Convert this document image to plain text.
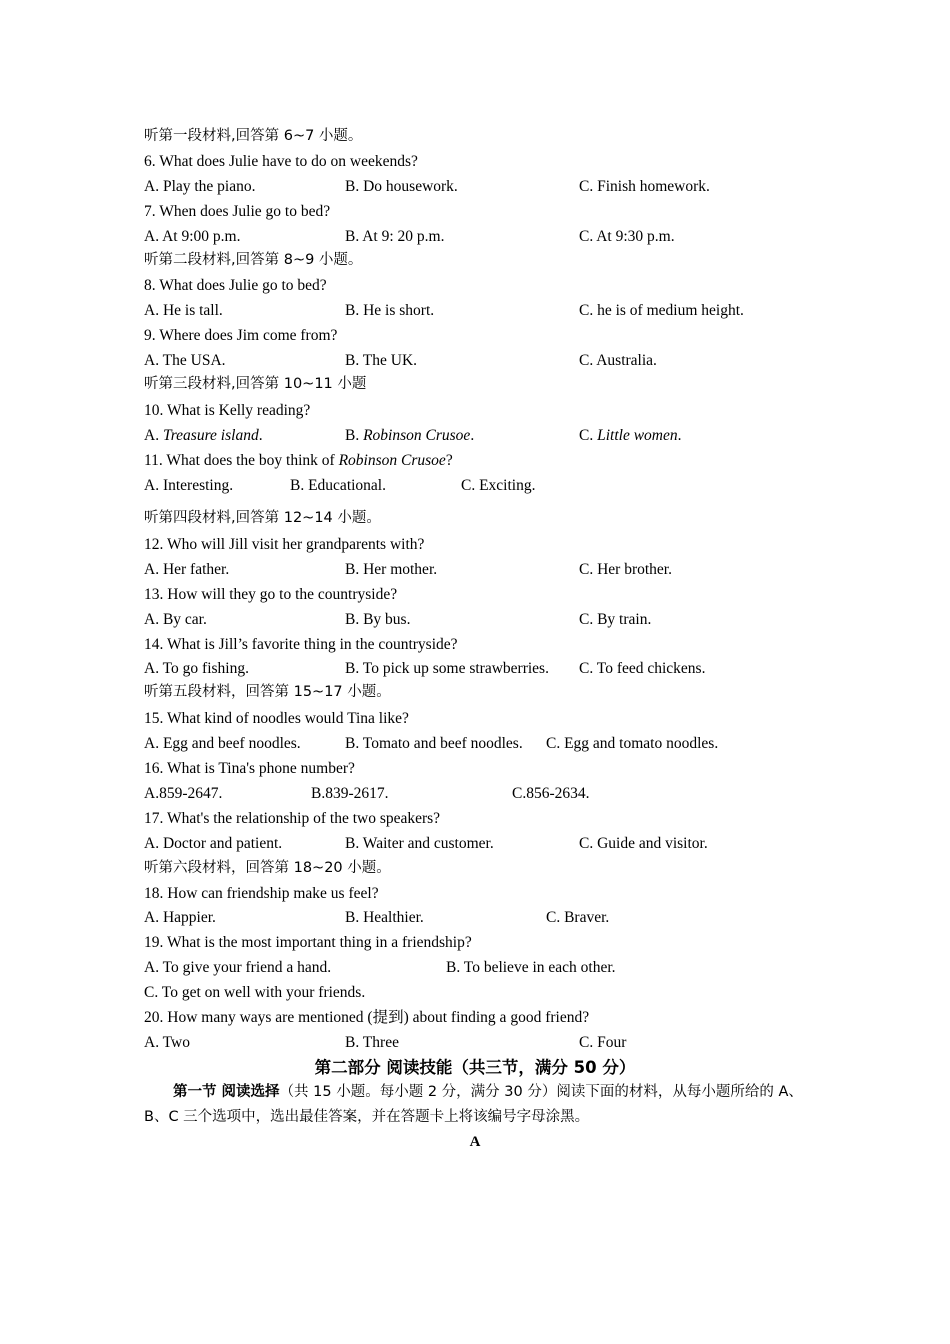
听第一段材料,回答第 6~7 小题。
6. What does Julie have to do on weekends?
A. Play the piano.	B. Do housework.	C. Finish homework.
7. When does Julie go to bed?
A. At 9:00 p.m.	B. At 9: 20 p.m.	C. At 9:30 p.m.
听第二段材料,回答第 8~9 小题。
8. What does Julie go to bed?
A. He is tall.	B. He is short.	C. he is of medium height.
9. Where does Jim come from?
A. The USA.	B. The UK.	C. Australia.
听第三段材料,回答第 10~11 小题
10. What is Kelly reading?
A. Treasure island.	B. Robinson Crusoe.	C. Little women.
11. What does the boy think of Robinson Crusoe?
A. Interesting.	B. Educational.	C. Exciting.
听第四段材料,回答第 12~14 小题。
12. Who will Jill visit her grandparents with?
A. Her father.	B. Her mother.	C. Her brother.
13. How will they go to the countryside?
A. By car.	B. By bus.	C. By train.
14. What is Jill’s favorite thing in the countryside?
A. To go fishing.	B. To pick up some strawberries. C. To feed chickens.
听第五段材料，回答第 15~17 小题。
15. What kind of noodles would Tina like?
A. Egg and beef noodles.	B. Tomato and beef noodles. C. Egg and tomato noodles.
16. What is Tina's phone number?
A.859-2647.	B.839-2617.	C.856-2634.
17. What's the relationship of the two speakers?
A. Doctor and patient.	B. Waiter and customer.	C. Guide and visitor.
听第六段材料，回答第 18~20 小题。
18. How can friendship make us feel?
A. Happier.	B. Healthier.	C. Braver.
19. What is the most important thing in a friendship?
A. To give your friend a hand.	B. To believe in each other.
C. To get on well with your friends.
20. How many ways are mentioned (提到) about finding a good friend?
A. Two	B. Three	C. Four
第二部分 阅读技能（共三节，满分 50 分）
第一节 阅读选择（共 15 小题。每小题 2 分，满分 30 分）阅读下面的材料，从每小题所给的 A、B、C 三个选项中，选出最佳答案，并在答题卡上将该编号字母涂黑。
A
